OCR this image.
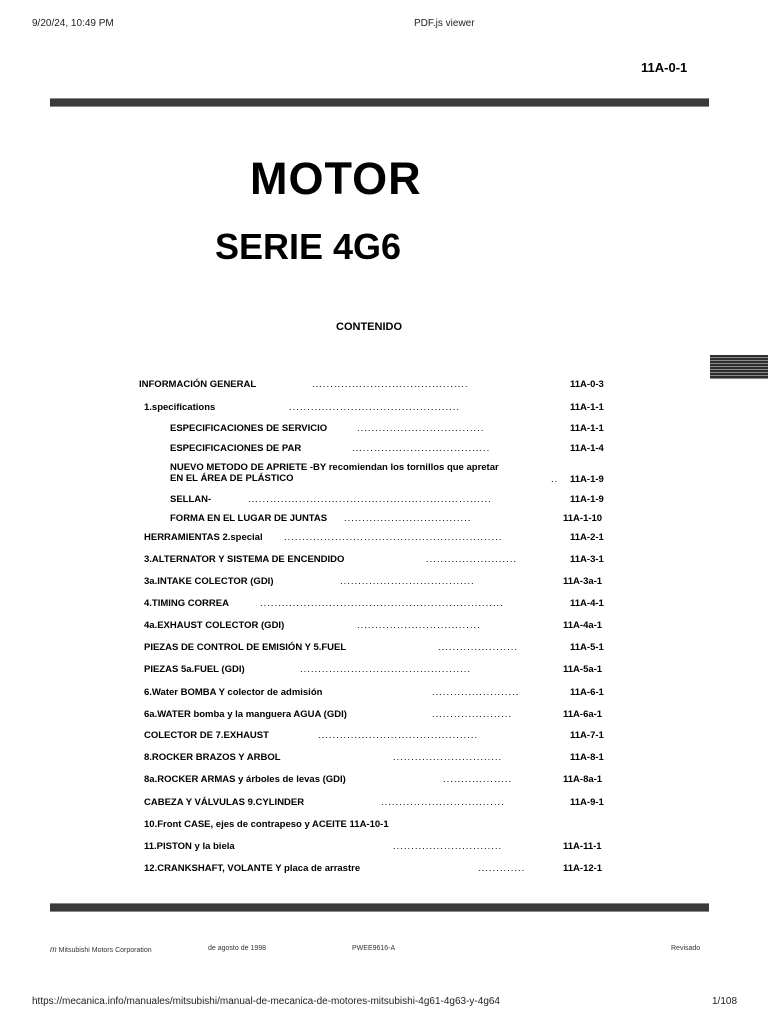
9/20/24, 10:49 PM	PDF.js viewer
11A-0-1
MOTOR
SERIE 4G6
CONTENIDO
INFORMACIÓN GENERAL	...........................................	11A-0-3
1.specifications	...............................................	11A-1-1
ESPECIFICACIONES DE SERVICIO	...................................	11A-1-1
ESPECIFICACIONES DE PAR	......................................	11A-1-4
NUEVO METODO DE APRIETE -BY recomiendan los tornillos que apretar
EN EL ÁREA DE PLÁSTICO	..	11A-1-9
SELLAN-	...................................................................	11A-1-9
FORMA EN EL LUGAR DE JUNTAS ...................................	11A-1-10
HERRAMIENTAS 2.special ............................................................	11A-2-1
3.ALTERNATOR Y SISTEMA DE ENCENDIDO	.........................	11A-3-1
3a.INTAKE COLECTOR (GDI)	.....................................	11A-3a-1
4.TIMING CORREA	...................................................................	11A-4-1
4a.EXHAUST COLECTOR (GDI)	..................................	11A-4a-1
PIEZAS DE CONTROL DE EMISIÓN Y 5.FUEL	......................	11A-5-1
PIEZAS 5a.FUEL (GDI)	...............................................	11A-5a-1
6.Water BOMBA Y colector de admisión	........................	11A-6-1
6a.WATER bomba y la manguera AGUA (GDI)	......................	11A-6a-1
COLECTOR DE 7.EXHAUST	............................................	11A-7-1
8.ROCKER BRAZOS Y ARBOL	..............................	11A-8-1
8a.ROCKER ARMAS y árboles de levas (GDI)	...................	11A-8a-1
CABEZA Y VÁLVULAS 9.CYLINDER	..................................	11A-9-1
10.Front CASE, ejes de contrapeso y ACEITE 11A-10-1
11.PISTON y la biela	..............................	11A-11-1
12.CRANKSHAFT, VOLANTE Y placa de arrastre	.............	11A-12-1
m Mitsubishi Motors Corporation	de agosto de 1998	PWEE9616-A	Revisado
https://mecanica.info/manuales/mitsubishi/manual-de-mecanica-de-motores-mitsubishi-4g61-4g63-y-4g64	1/108
